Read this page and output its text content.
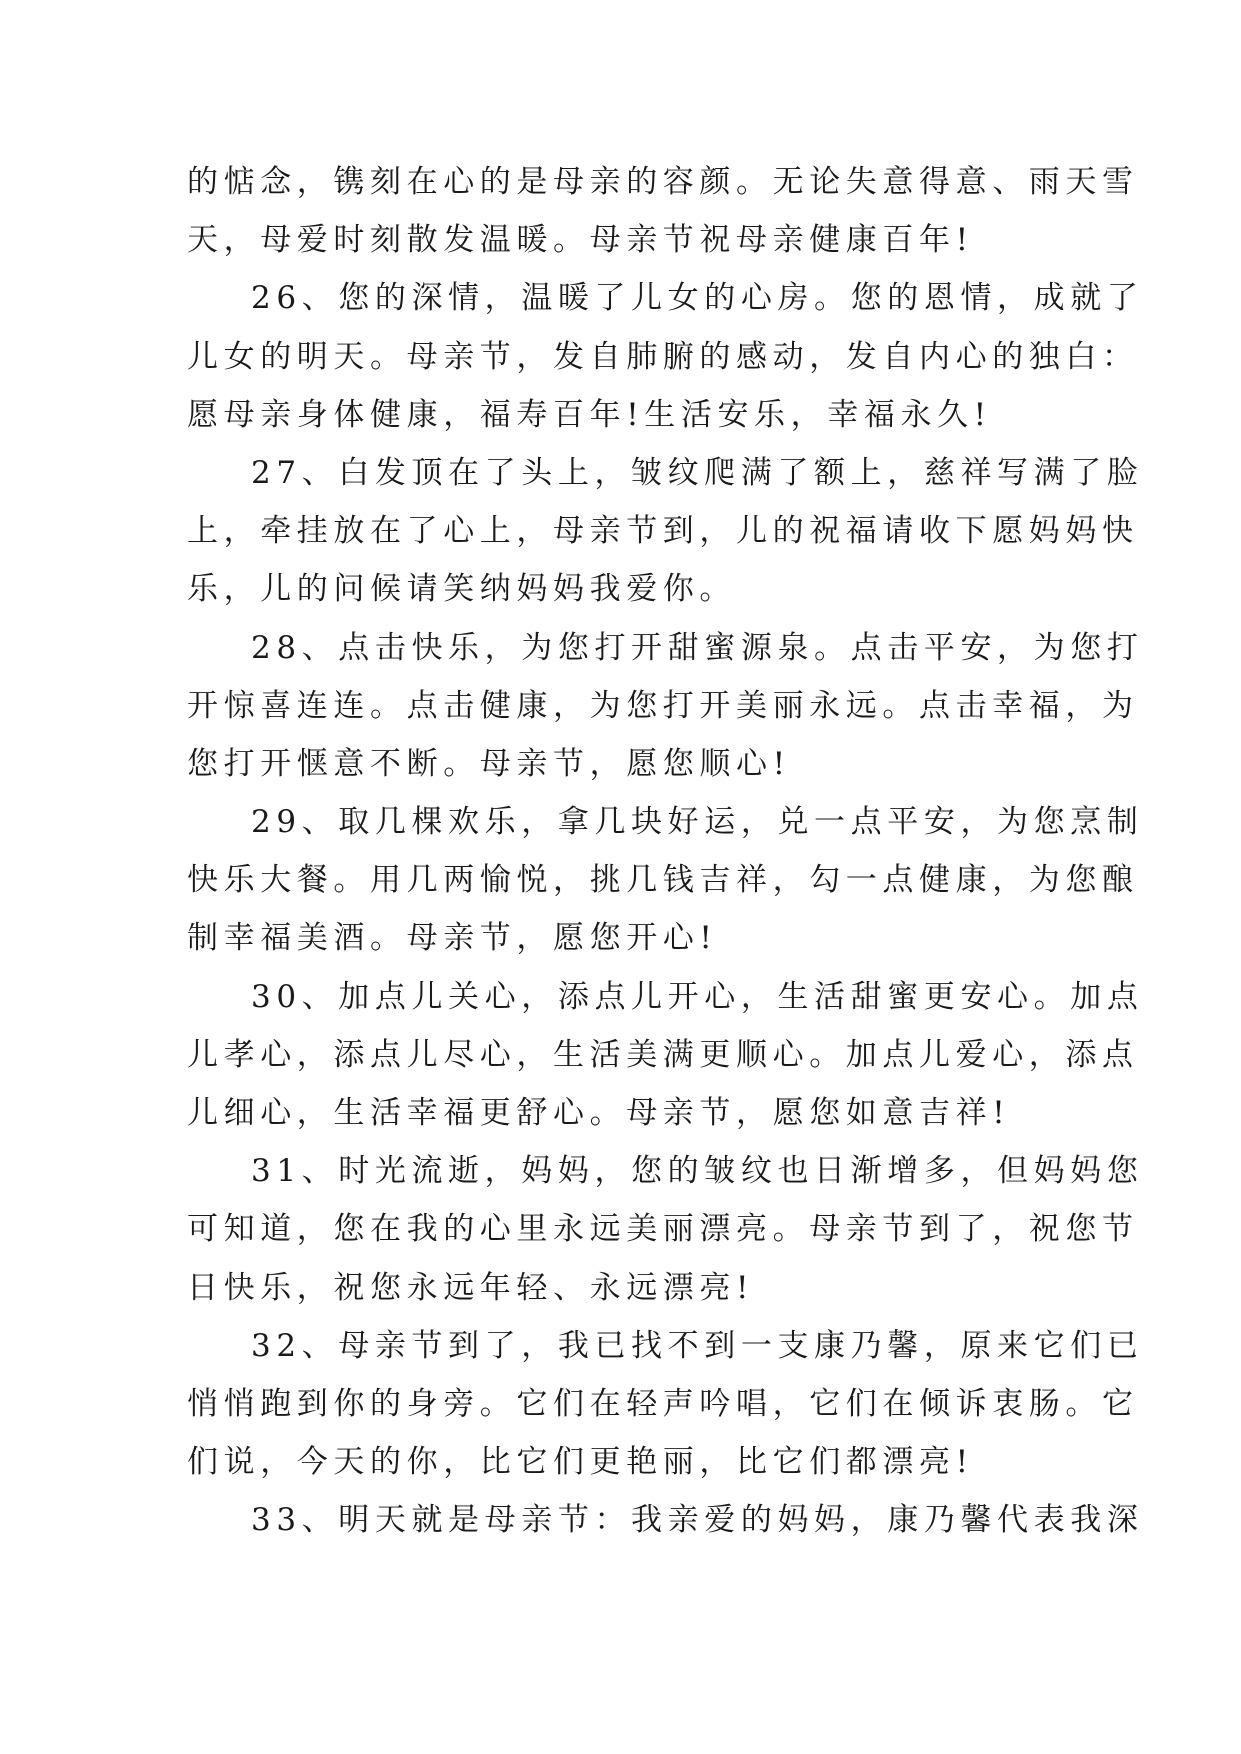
的惦念，镌刻在心的是母亲的容颜。无论失意得意、雨天雪
天，母爱时刻散发温暖。母亲节祝母亲健康百年!
26、您的深情，温暖了儿女的心房。您的恩情，成就了
儿女的明天。母亲节，发自肺腑的感动，发自内心的独白：
愿母亲身体健康，福寿百年!生活安乐，幸福永久!
27、白发顶在了头上，皱纹爬满了额上，慈祥写满了脸
上，牵挂放在了心上，母亲节到，儿的祝福请收下愿妈妈快
乐，儿的问候请笑纳妈妈我爱你。
28、点击快乐，为您打开甜蜜源泉。点击平安，为您打
开惊喜连连。点击健康，为您打开美丽永远。点击幸福，为
您打开惬意不断。母亲节，愿您顺心!
29、取几棵欢乐，拿几块好运，兑一点平安，为您烹制
快乐大餐。用几两愉悦，挑几钱吉祥，勾一点健康，为您酿
制幸福美酒。母亲节，愿您开心!
30、加点儿关心，添点儿开心，生活甜蜜更安心。加点
儿孝心，添点儿尽心，生活美满更顺心。加点儿爱心，添点
儿细心，生活幸福更舒心。母亲节，愿您如意吉祥!
31、时光流逝，妈妈，您的皱纹也日渐增多，但妈妈您
可知道，您在我的心里永远美丽漂亮。母亲节到了，祝您节
日快乐，祝您永远年轻、永远漂亮!
32、母亲节到了，我已找不到一支康乃馨，原来它们已
悄悄跑到你的身旁。它们在轻声吟唱，它们在倾诉衷肠。它
们说，今天的你，比它们更艳丽，比它们都漂亮!
33、明天就是母亲节：我亲爱的妈妈，康乃馨代表我深
